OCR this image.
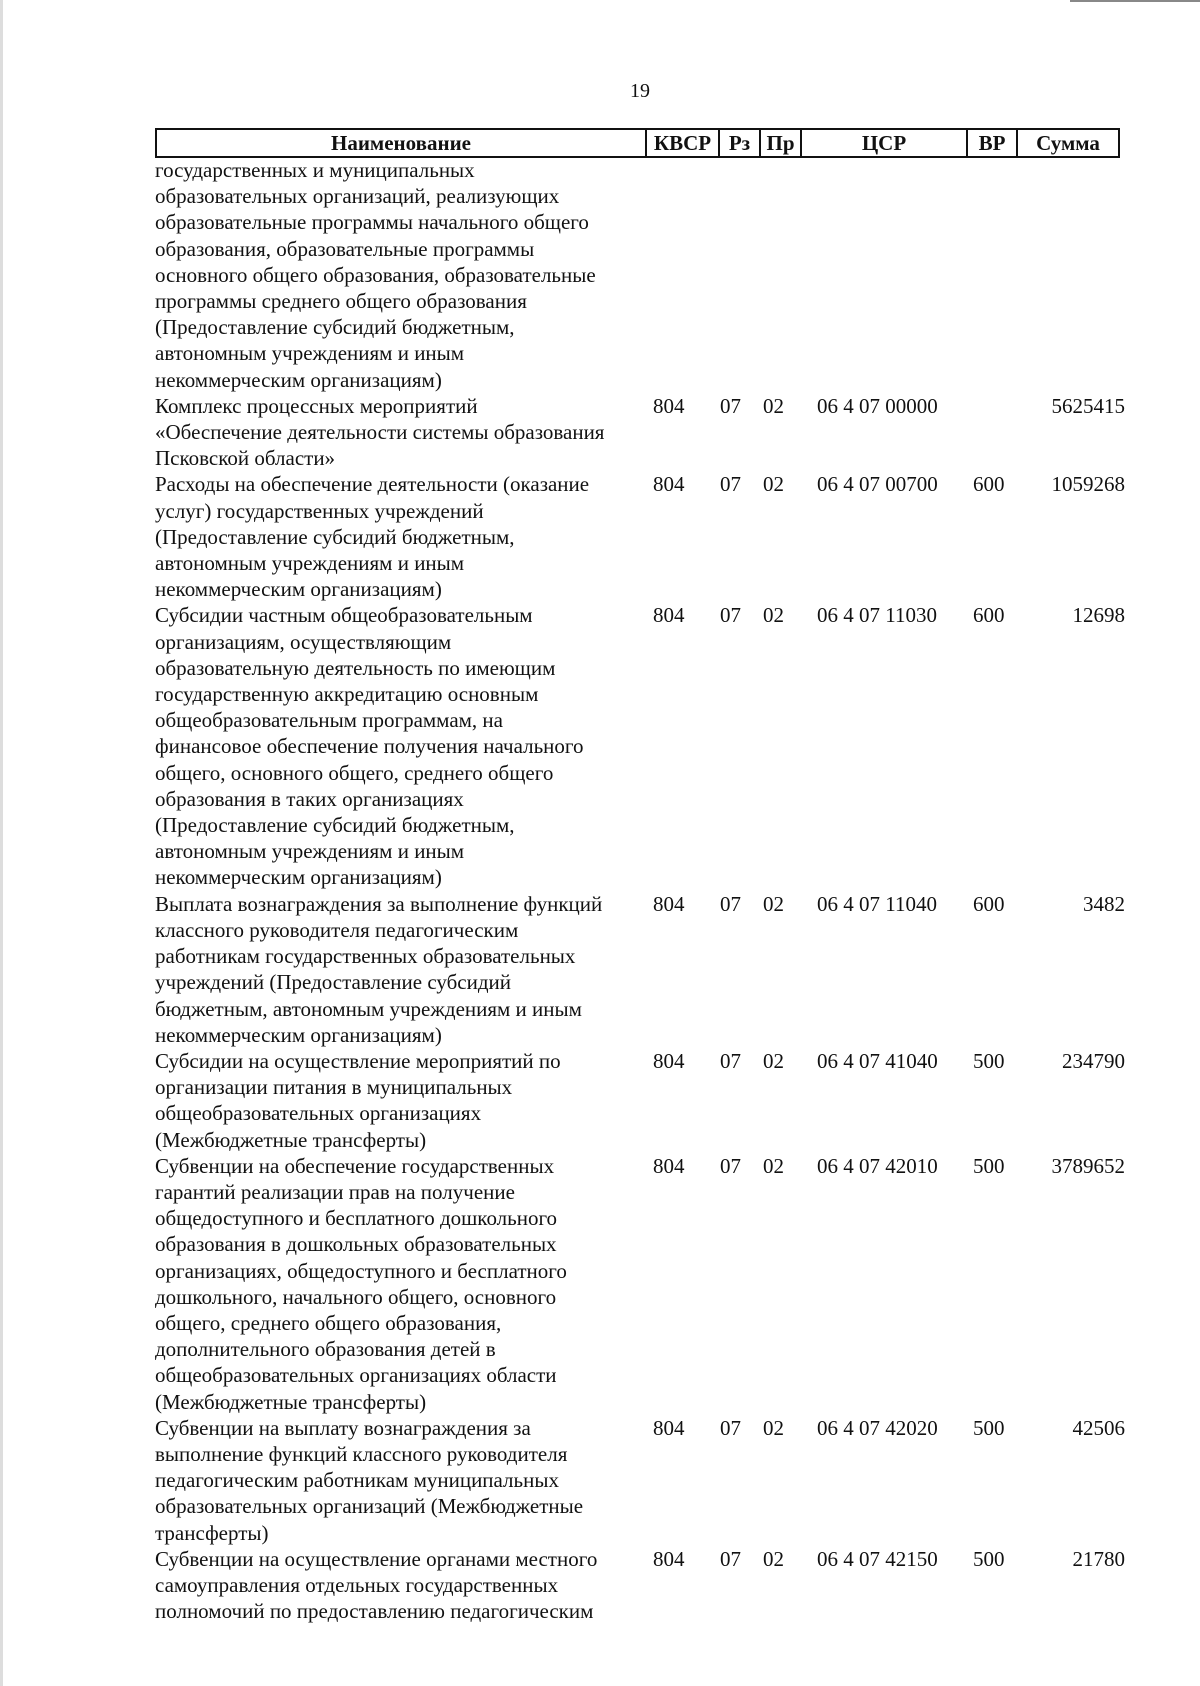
19
Наименование	КВСР Рз Пр	ЦСР	ВР	Сумма
государственных и муниципальных
образовательных организаций, реализующих
образовательные программы начального общего
образования, образовательные программы
основного общего образования, образовательные
программы среднего общего образования
(Предоставление субсидий бюджетным,
автономным учреждениям и иным
некоммерческим организациям)
Комплекс процессных мероприятий
«Обеспечение деятельности системы образования
Псковской области»
804 07 02 06 4 07 00000	5625415
Расходы на обеспечение деятельности (оказание
услуг) государственных учреждений
(Предоставление субсидий бюджетным,
автономным учреждениям и иным
некоммерческим организациям)
804 07 02 06 4 07 00700 600 1059268
Субсидии частным общеобразовательным
организациям, осуществляющим
образовательную деятельность по имеющим
государственную аккредитацию основным
общеобразовательным программам, на
финансовое обеспечение получения начального
общего, основного общего, среднего общего
образования в таких организациях
(Предоставление субсидий бюджетным,
автономным учреждениям и иным
некоммерческим организациям)
804 07 02 06 4 07 11030 600	12698
Выплата вознаграждения за выполнение функций
классного руководителя педагогическим
работникам государственных образовательных
учреждений (Предоставление субсидий
бюджетным, автономным учреждениям и иным
некоммерческим организациям)
804 07 02 06 4 07 11040 600	3482
Субсидии на осуществление мероприятий по
организации питания в муниципальных
общеобразовательных организациях
(Межбюджетные трансферты)
804 07 02 06 4 07 41040 500	234790
Субвенции на обеспечение государственных
гарантий реализации прав на получение
общедоступного и бесплатного дошкольного
образования в дошкольных образовательных
организациях, общедоступного и бесплатного
дошкольного, начального общего, основного
общего, среднего общего образования,
дополнительного образования детей в
общеобразовательных организациях области
(Межбюджетные трансферты)
804 07 02 06 4 07 42010 500 3789652
Субвенции на выплату вознаграждения за
выполнение функций классного руководителя
педагогическим работникам муниципальных
образовательных организаций (Межбюджетные
трансферты)
804 07 02 06 4 07 42020 500	42506
Субвенции на осуществление органами местного
самоуправления отдельных государственных
полномочий по предоставлению педагогическим
804 07 02 06 4 07 42150 500	21780
